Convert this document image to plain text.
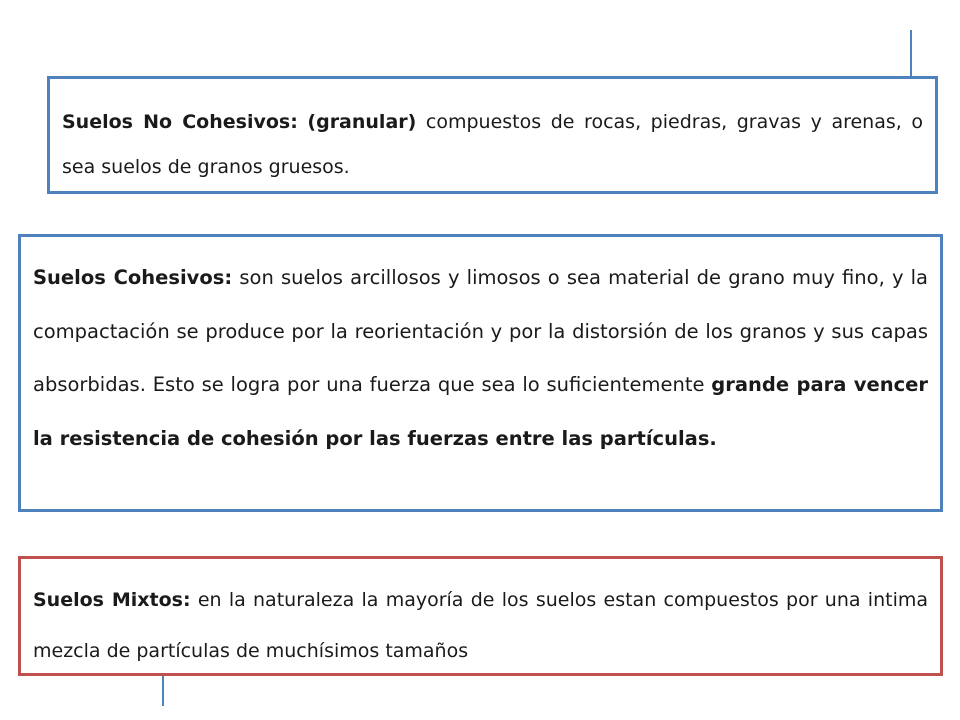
Suelos No Cohesivos: (granular) compuestos de rocas, piedras, gravas y arenas, o sea suelos de granos gruesos.

Suelos Cohesivos: son suelos arcillosos y limosos o sea material de grano muy fino, y la compactación se produce por la reorientación y por la distorsión de los granos y sus capas absorbidas. Esto se logra por una fuerza que sea lo suficientemente grande para vencer la resistencia de cohesión por las fuerzas entre las partículas.

Suelos Mixtos: en la naturaleza la mayoría de los suelos estan compuestos por una intima mezcla de partículas de muchísimos tamaños
